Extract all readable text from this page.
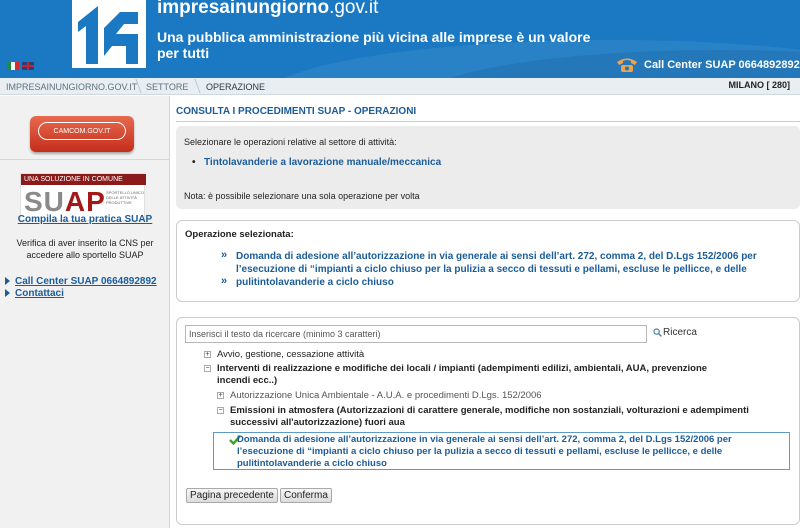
impresainungiorno.gov.it
Una pubblica amministrazione più vicina alle imprese è un valore per tutti
Call Center SUAP 0664892892
IMPRESAINUNGIORNO.GOV.IT SETTORE OPERAZIONE	MILANO [ 280]
CAMCOM.GOV.IT
UNA SOLUZIONE IN COMUNE
SUAP SPORTELLO UNICO DELLE ATTIVITÀ PRODUTTIVE
Compila la tua pratica SUAP
Verifica di aver inserito la CNS per accedere allo sportello SUAP
Call Center SUAP 0664892892
Contattaci
CONSULTA I PROCEDIMENTI SUAP - OPERAZIONI
Selezionare le operazioni relative al settore di attività:
• Tintolavanderie a lavorazione manuale/meccanica
Nota: è possibile selezionare una sola operazione per volta
Operazione selezionata:
»
»
Domanda di adesione all’autorizzazione in via generale ai sensi dell’art. 272, comma 2, del D.Lgs 152/2006 per l’esecuzione di “impianti a ciclo chiuso per la pulizia a secco di tessuti e pellami, escluse le pellicce, e delle pulitintolavanderie a ciclo chiuso
Inserisci il testo da ricercare (minimo 3 caratteri)
Ricerca
+ Avvio, gestione, cessazione attività
− Interventi di realizzazione e modifiche dei locali / impianti (adempimenti edilizi, ambientali, AUA, prevenzione incendi ecc..)
+ Autorizzazione Unica Ambientale - A.U.A. e procedimenti D.Lgs. 152/2006
− Emissioni in atmosfera (Autorizzazioni di carattere generale, modifiche non sostanziali, volturazioni e adempimenti successivi all'autorizzazione) fuori aua
Domanda di adesione all’autorizzazione in via generale ai sensi dell’art. 272, comma 2, del D.Lgs 152/2006 per l’esecuzione di “impianti a ciclo chiuso per la pulizia a secco di tessuti e pellami, escluse le pellicce, e delle pulitintolavanderie a ciclo chiuso
Pagina precedente	Conferma
